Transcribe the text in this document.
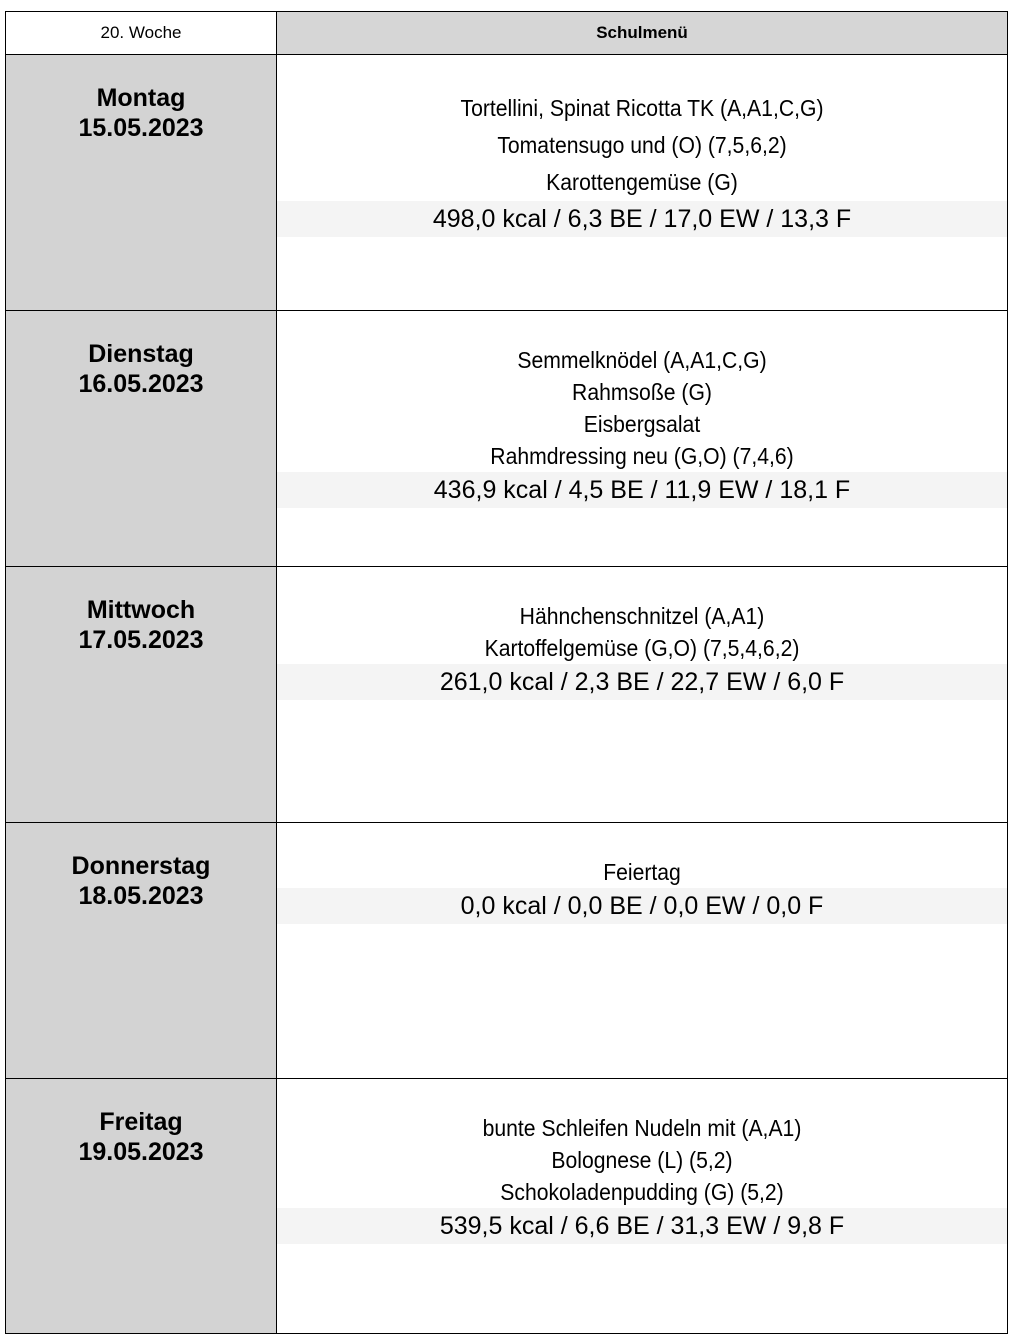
20. Woche	Schulmenü

Montag
15.05.2023	Tortellini, Spinat Ricotta TK (A,A1,C,G)
Tomatensugo und (O) (7,5,6,2)
Karottengemüse (G)
498,0 kcal / 6,3 BE / 17,0 EW / 13,3 F

Dienstag
16.05.2023	Semmelknödel (A,A1,C,G)
Rahmsoße (G)
Eisbergsalat
Rahmdressing neu (G,O) (7,4,6)
436,9 kcal / 4,5 BE / 11,9 EW / 18,1 F

Mittwoch
17.05.2023	Hähnchenschnitzel (A,A1)
Kartoffelgemüse (G,O) (7,5,4,6,2)
261,0 kcal / 2,3 BE / 22,7 EW / 6,0 F

Donnerstag
18.05.2023	Feiertag
0,0 kcal / 0,0 BE / 0,0 EW / 0,0 F

Freitag
19.05.2023	bunte Schleifen Nudeln mit (A,A1)
Bolognese (L) (5,2)
Schokoladenpudding (G) (5,2)
539,5 kcal / 6,6 BE / 31,3 EW / 9,8 F
